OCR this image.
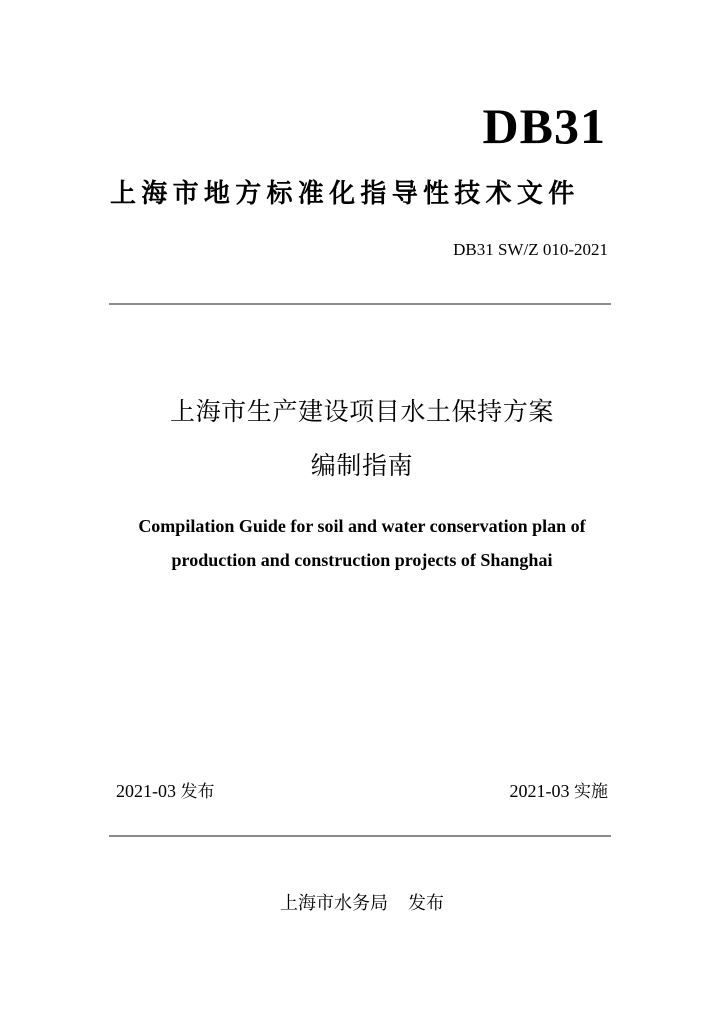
DB31
上海市地方标准化指导性技术文件
DB31 SW/Z 010-2021
上海市生产建设项目水土保持方案
编制指南
Compilation Guide for soil and water conservation plan of
production and construction projects of Shanghai
2021-03 发布	2021-03 实施
上海市水务局 发布
